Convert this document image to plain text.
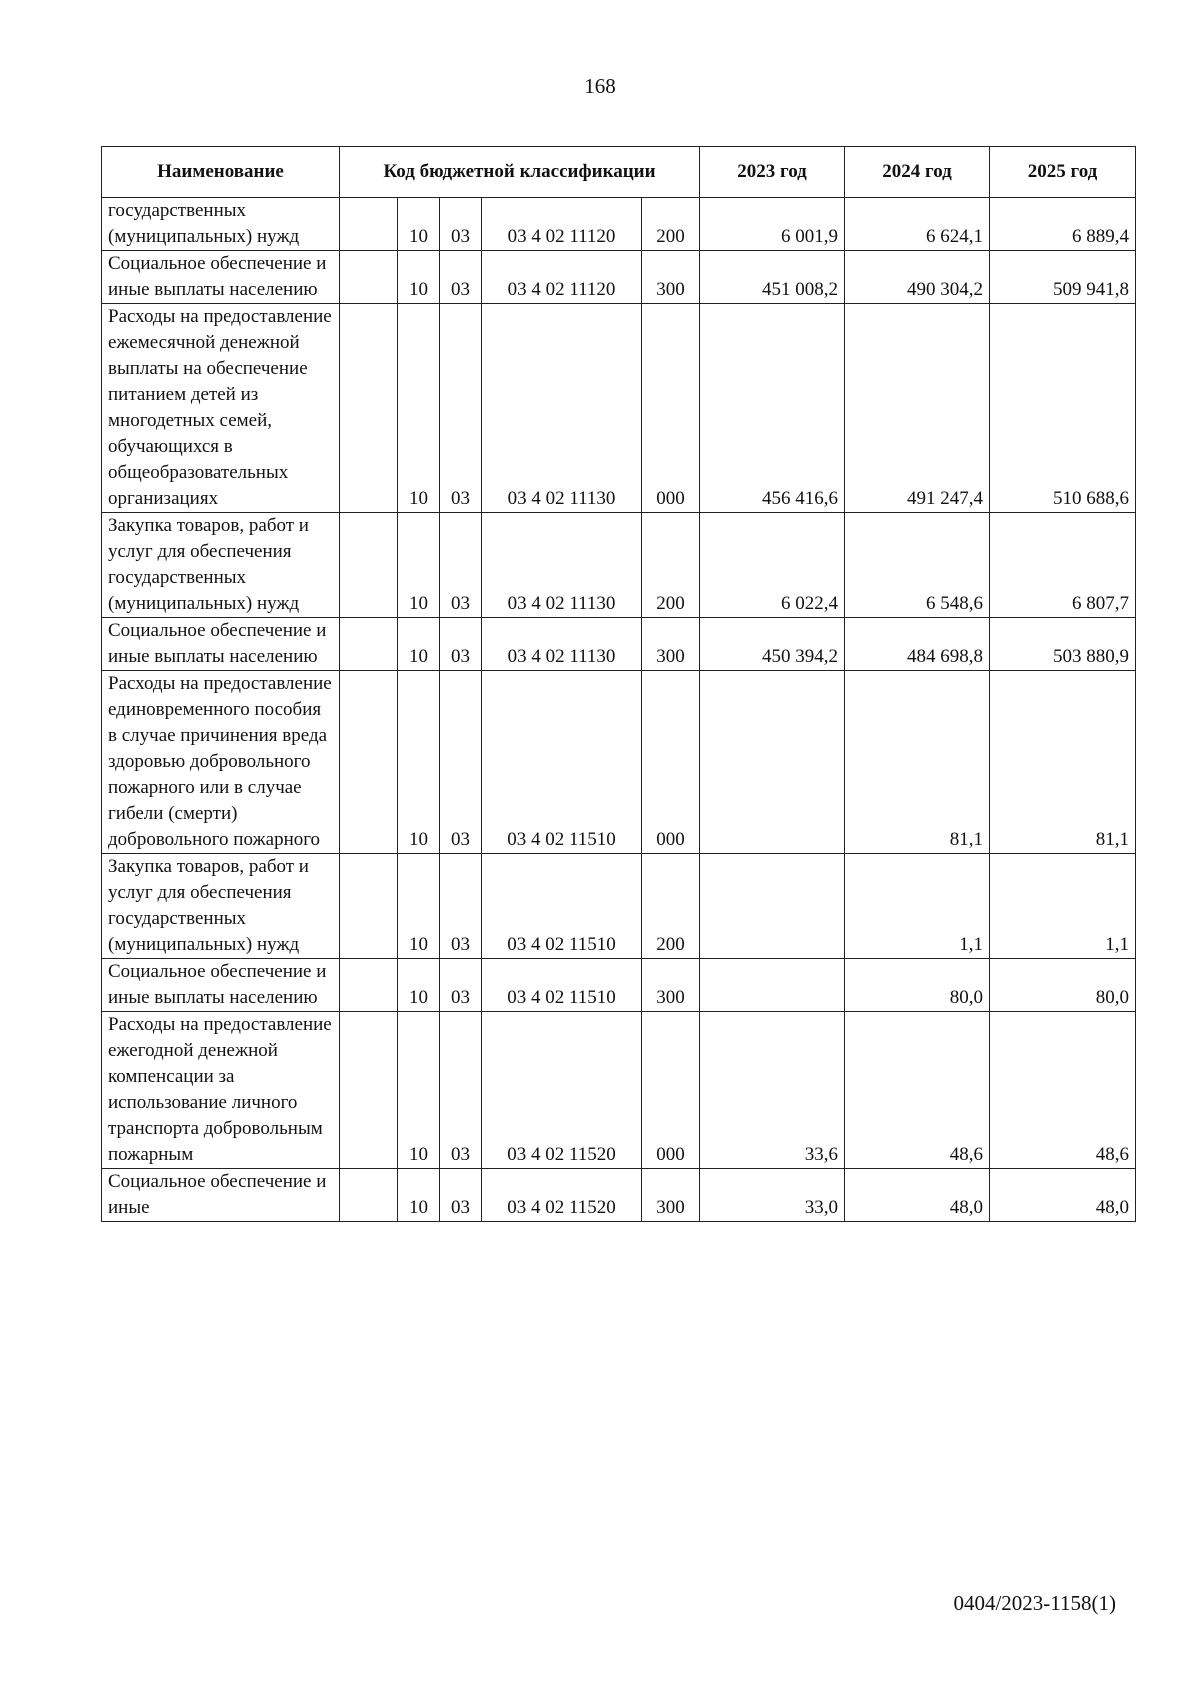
168
Наименование	Код бюджетной классификации					2023 год	2024 год	2025 год
государственных (муниципальных) нужд		10	03	03 4 02 11120	200	6 001,9	6 624,1	6 889,4
Социальное обеспечение и иные выплаты населению		10	03	03 4 02 11120	300	451 008,2	490 304,2	509 941,8
Расходы на предоставление ежемесячной денежной выплаты на обеспечение питанием детей из многодетных семей, обучающихся в общеобразовательных организациях		10	03	03 4 02 11130	000	456 416,6	491 247,4	510 688,6
Закупка товаров, работ и услуг для обеспечения государственных (муниципальных) нужд		10	03	03 4 02 11130	200	6 022,4	6 548,6	6 807,7
Социальное обеспечение и иные выплаты населению		10	03	03 4 02 11130	300	450 394,2	484 698,8	503 880,9
Расходы на предоставление единовременного пособия в случае причинения вреда здоровью добровольного пожарного или в случае гибели (смерти) добровольного пожарного		10	03	03 4 02 11510	000		81,1	81,1
Закупка товаров, работ и услуг для обеспечения государственных (муниципальных) нужд		10	03	03 4 02 11510	200		1,1	1,1
Социальное обеспечение и иные выплаты населению		10	03	03 4 02 11510	300		80,0	80,0
Расходы на предоставление ежегодной денежной компенсации за использование личного транспорта добровольным пожарным		10	03	03 4 02 11520	000	33,6	48,6	48,6
Социальное обеспечение и иные		10	03	03 4 02 11520	300	33,0	48,0	48,0
0404/2023-1158(1)
